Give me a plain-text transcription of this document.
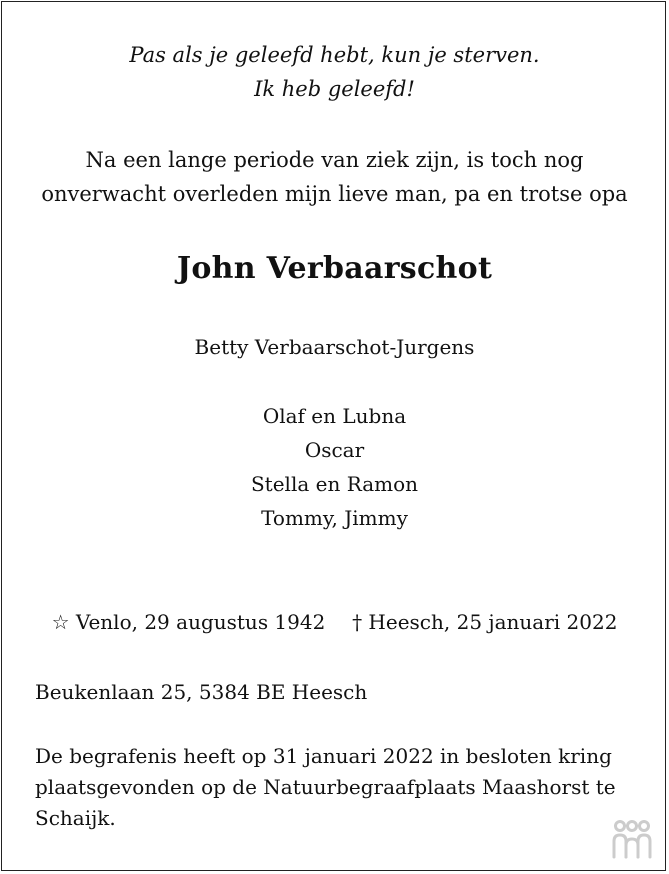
Pas als je geleefd hebt, kun je sterven.
Ik heb geleefd!
Na een lange periode van ziek zijn, is toch nog
onverwacht overleden mijn lieve man, pa en trotse opa
John Verbaarschot
Betty Verbaarschot-Jurgens
Olaf en Lubna
Oscar
Stella en Ramon
Tommy, Jimmy
☆ Venlo, 29 augustus 1942 † Heesch, 25 januari 2022
Beukenlaan 25, 5384 BE Heesch
De begrafenis heeft op 31 januari 2022 in besloten kring
plaatsgevonden op de Natuurbegraafplaats Maashorst te
Schaijk.
